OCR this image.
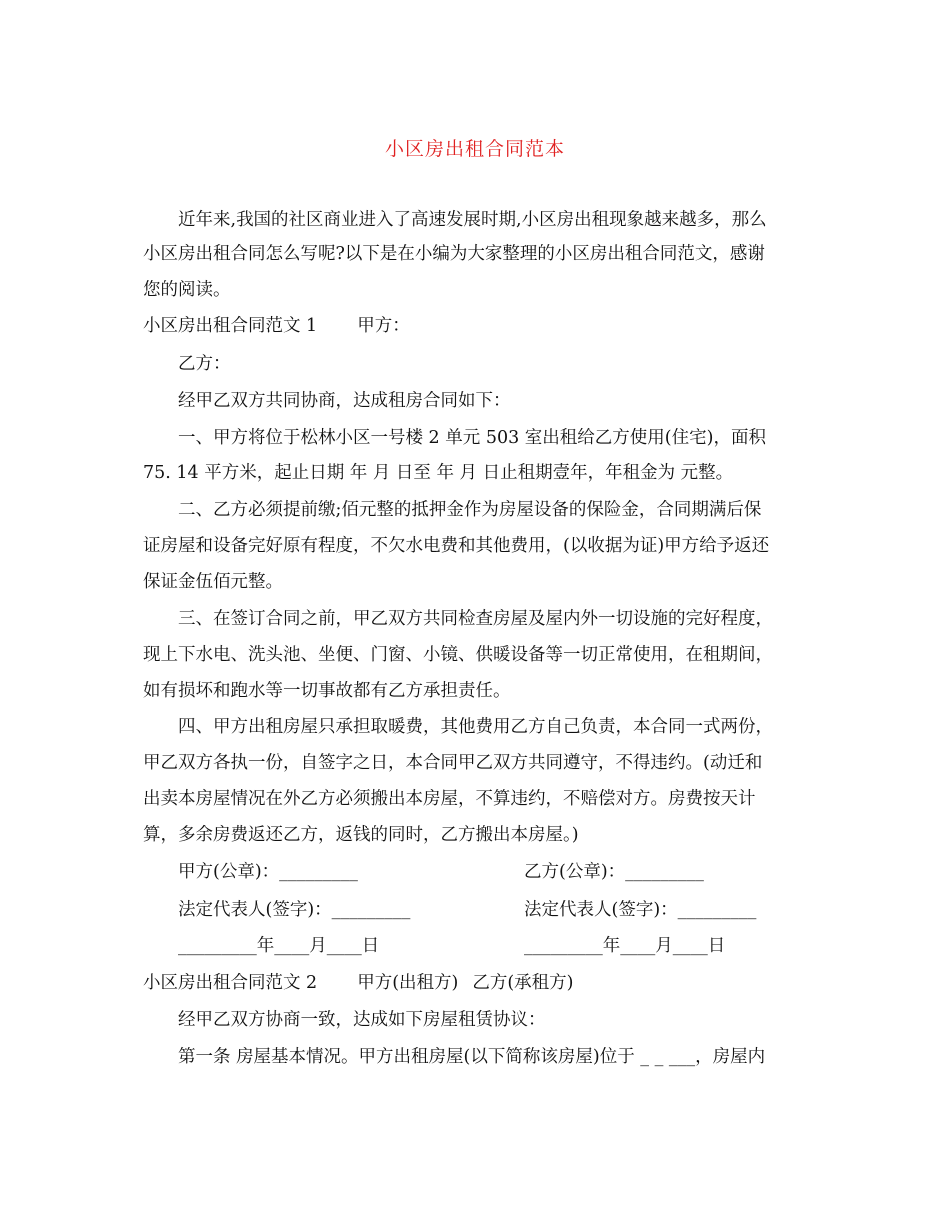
小区房出租合同范本
近年来,我国的社区商业进入了高速发展时期,小区房出租现象越来越多，那么
小区房出租合同怎么写呢?以下是在小编为大家整理的小区房出租合同范文，感谢
您的阅读。
小区房出租合同范文 1 甲方：
乙方：
经甲乙双方共同协商，达成租房合同如下：
一、甲方将位于松林小区一号楼 2 单元 503 室出租给乙方使用(住宅)，面积
75. 14 平方米，起止日期 年 月 日至 年 月 日止租期壹年，年租金为 元整。
二、乙方必须提前缴;佰元整的抵押金作为房屋设备的保险金，合同期满后保
证房屋和设备完好原有程度，不欠水电费和其他费用，(以收据为证)甲方给予返还
保证金伍佰元整。
三、在签订合同之前，甲乙双方共同检查房屋及屋内外一切设施的完好程度，
现上下水电、洗头池、坐便、门窗、小镜、供暖设备等一切正常使用，在租期间，
如有损坏和跑水等一切事故都有乙方承担责任。
四、甲方出租房屋只承担取暖费，其他费用乙方自己负责，本合同一式两份，
甲乙双方各执一份，自签字之日，本合同甲乙双方共同遵守，不得违约。(动迁和
出卖本房屋情况在外乙方必须搬出本房屋，不算违约，不赔偿对方。房费按天计
算，多余房费返还乙方，返钱的同时，乙方搬出本房屋。)
甲方(公章)：_________	乙方(公章)：_________
法定代表人(签字)：_________	法定代表人(签字)：_________
_________年____月____日	_________年____月____日
小区房出租合同范文 2 甲方(出租方) 乙方(承租方)
经甲乙双方协商一致，达成如下房屋租赁协议：
第一条 房屋基本情况。甲方出租房屋(以下简称该房屋)位于 _ _ ___，房屋内
